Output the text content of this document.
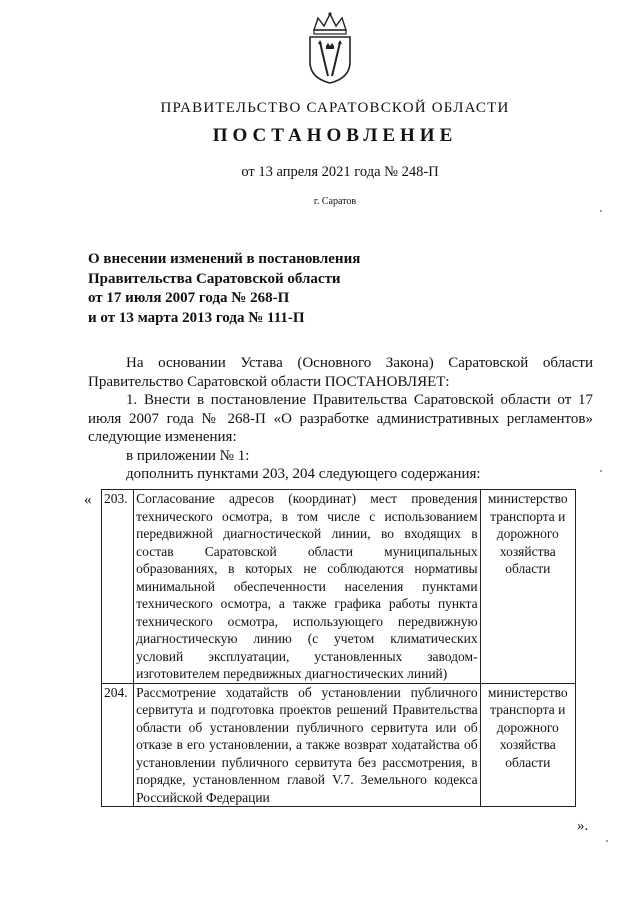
ПРАВИТЕЛЬСТВО САРАТОВСКОЙ ОБЛАСТИ
ПОСТАНОВЛЕНИЕ
от 13 апреля 2021 года № 248-П
г. Саратов
О внесении изменений в постановления
Правительства Саратовской области
от 17 июля 2007 года № 268-П
и от 13 марта 2013 года № 111-П

На основании Устава (Основного Закона) Саратовской области Правительство Саратовской области ПОСТАНОВЛЯЕТ:

1. Внести в постановление Правительства Саратовской области от 17 июля 2007 года № 268-П «О разработке административных регламентов» следующие изменения:

в приложении № 1:

дополнить пунктами 203, 204 следующего содержания:

« 203.	Согласование адресов (координат) мест проведения технического осмотра, в том числе с использованием передвижной диагностической линии, во входящих в состав Саратовской области муниципальных образованиях, в которых не соблюдаются нормативы минимальной обеспеченности населения пунктами технического осмотра, а также графика работы пункта технического осмотра, использующего передвижную диагностическую линию (с учетом климатических условий эксплуатации, установленных заводом-изготовителем передвижных диагностических линий)	министерство транспорта и дорожного хозяйства области
204.	Рассмотрение ходатайств об установлении публичного сервитута и подготовка проектов решений Правительства области об установлении публичного сервитута или об отказе в его установлении, а также возврат ходатайства об установлении публичного сервитута без рассмотрения, в порядке, установленном главой V.7. Земельного кодекса Российской Федерации	министерство транспорта и дорожного хозяйства области
».
